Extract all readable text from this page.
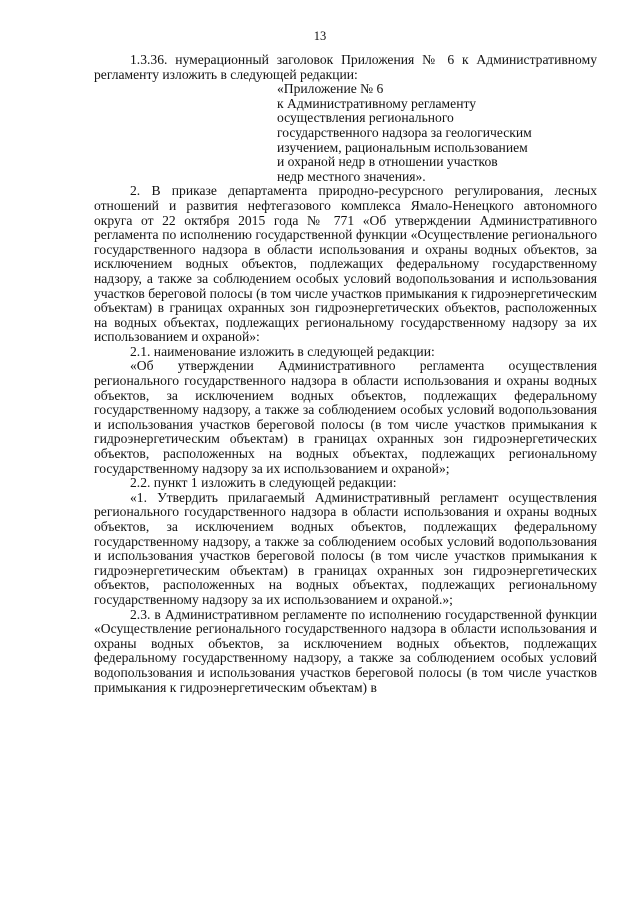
13

1.3.36. нумерационный заголовок Приложения № 6 к Административному регламенту изложить в следующей редакции:

«Приложение № 6
к Административному регламенту
осуществления регионального
государственного надзора за геологическим
изучением, рациональным использованием
и охраной недр в отношении участков
недр местного значения».

2. В приказе департамента природно-ресурсного регулирования, лесных отношений и развития нефтегазового комплекса Ямало-Ненецкого автономного округа от 22 октября 2015 года № 771 «Об утверждении Административного регламента по исполнению государственной функции «Осуществление регионального государственного надзора в области использования и охраны водных объектов, за исключением водных объектов, подлежащих федеральному государственному надзору, а также за соблюдением особых условий водопользования и использования участков береговой полосы (в том числе участков примыкания к гидроэнергетическим объектам) в границах охранных зон гидроэнергетических объектов, расположенных на водных объектах, подлежащих региональному государственному надзору за их использованием и охраной»:

2.1. наименование изложить в следующей редакции:

«Об утверждении Административного регламента осуществления регионального государственного надзора в области использования и охраны водных объектов, за исключением водных объектов, подлежащих федеральному государственному надзору, а также за соблюдением особых условий водопользования и использования участков береговой полосы (в том числе участков примыкания к гидроэнергетическим объектам) в границах охранных зон гидроэнергетических объектов, расположенных на водных объектах, подлежащих региональному государственному надзору за их использованием и охраной»;

2.2. пункт 1 изложить в следующей редакции:

«1. Утвердить прилагаемый Административный регламент осуществления регионального государственного надзора в области использования и охраны водных объектов, за исключением водных объектов, подлежащих федеральному государственному надзору, а также за соблюдением особых условий водопользования и использования участков береговой полосы (в том числе участков примыкания к гидроэнергетическим объектам) в границах охранных зон гидроэнергетических объектов, расположенных на водных объектах, подлежащих региональному государственному надзору за их использованием и охраной.»;

2.3. в Административном регламенте по исполнению государственной функции «Осуществление регионального государственного надзора в области использования и охраны водных объектов, за исключением водных объектов, подлежащих федеральному государственному надзору, а также за соблюдением особых условий водопользования и использования участков береговой полосы (в том числе участков примыкания к гидроэнергетическим объектам) в
